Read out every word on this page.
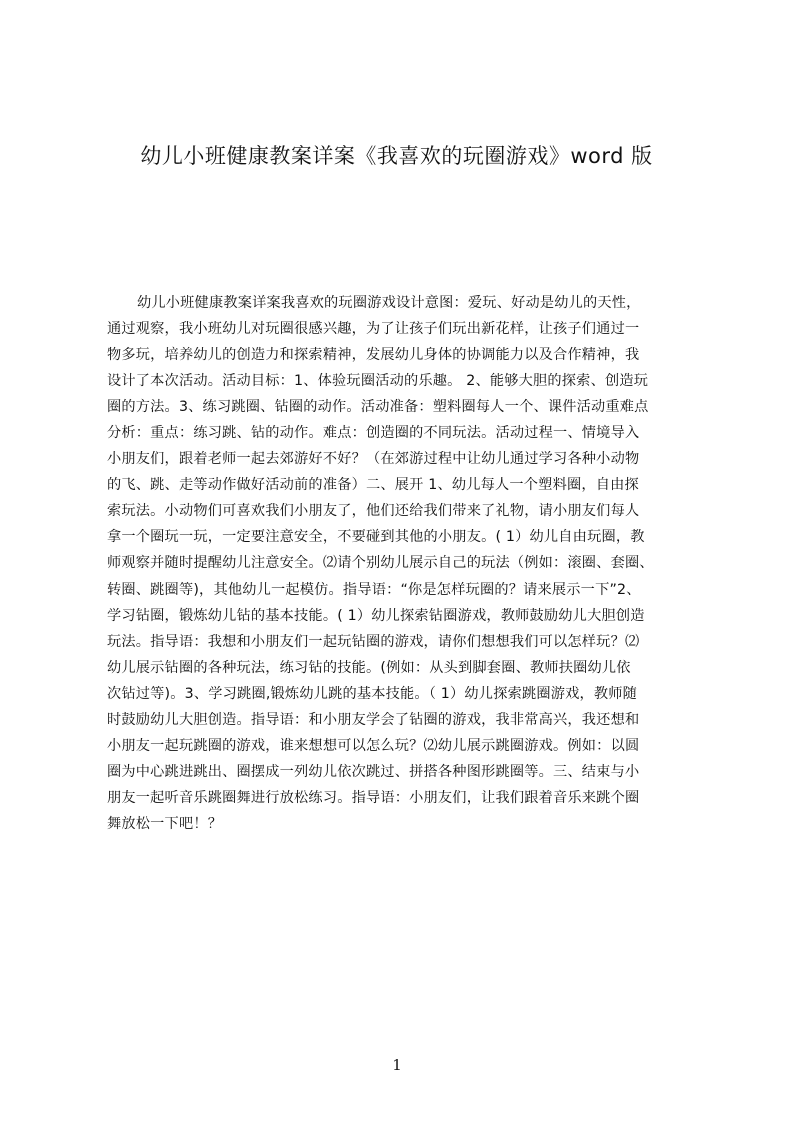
幼儿小班健康教案详案《我喜欢的玩圈游戏》word 版
幼儿小班健康教案详案我喜欢的玩圈游戏设计意图：爱玩、好动是幼儿的天性，
通过观察，我小班幼儿对玩圈很感兴趣，为了让孩子们玩出新花样，让孩子们通过一
物多玩，培养幼儿的创造力和探索精神，发展幼儿身体的协调能力以及合作精神，我
设计了本次活动。活动目标：1、体验玩圈活动的乐趣。 2、能够大胆的探索、创造玩
圈的方法。3、练习跳圈、钻圈的动作。活动准备：塑料圈每人一个、课件活动重难点
分析：重点：练习跳、钻的动作。难点：创造圈的不同玩法。活动过程一、情境导入
小朋友们，跟着老师一起去郊游好不好？（在郊游过程中让幼儿通过学习各种小动物
的飞、跳、走等动作做好活动前的准备）二、展开 1、幼儿每人一个塑料圈，自由探
索玩法。小动物们可喜欢我们小朋友了，他们还给我们带来了礼物，请小朋友们每人
拿一个圈玩一玩，一定要注意安全，不要碰到其他的小朋友。( 1）幼儿自由玩圈，教
师观察并随时提醒幼儿注意安全。⑵请个别幼儿展示自己的玩法（例如：滚圈、套圈、
转圈、跳圈等)，其他幼儿一起模仿。指导语：“你是怎样玩圈的？请来展示一下”2、
学习钻圈，锻炼幼儿钻的基本技能。( 1）幼儿探索钻圈游戏，教师鼓励幼儿大胆创造
玩法。指导语：我想和小朋友们一起玩钻圈的游戏，请你们想想我们可以怎样玩？⑵
幼儿展示钻圈的各种玩法，练习钻的技能。(例如：从头到脚套圈、教师扶圈幼儿依
次钻过等)。3、学习跳圈,锻炼幼儿跳的基本技能。（ 1）幼儿探索跳圈游戏，教师随
时鼓励幼儿大胆创造。指导语：和小朋友学会了钻圈的游戏，我非常高兴，我还想和
小朋友一起玩跳圈的游戏，谁来想想可以怎么玩？⑵幼儿展示跳圈游戏。例如：以圆
圈为中心跳进跳出、圈摆成一列幼儿依次跳过、拼搭各种图形跳圈等。三、结束与小
朋友一起听音乐跳圈舞进行放松练习。指导语：小朋友们，让我们跟着音乐来跳个圈
舞放松一下吧！？
1
